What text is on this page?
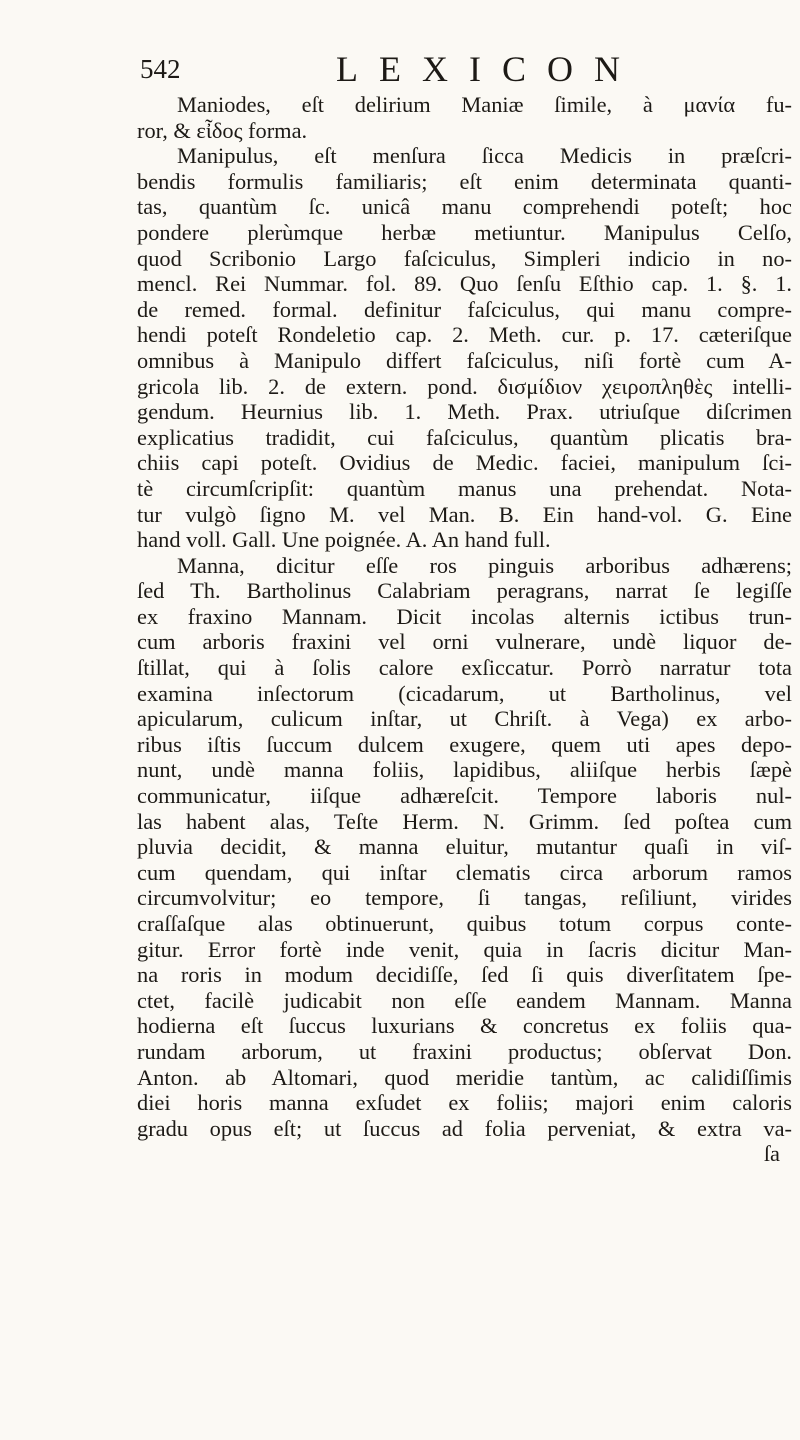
542	LEXICON
Maniodes, eſt delirium Maniæ ſimile, à μανία fu-
ror, & εἶδος forma.
Manipulus, eſt menſura ſicca Medicis in præſcri-
bendis formulis familiaris; eſt enim determinata quanti-
tas, quantùm ſc. unicâ manu comprehendi poteſt; hoc
pondere plerùmque herbæ metiuntur. Manipulus Celſo,
quod Scribonio Largo faſciculus, Simpleri indicio in no-
mencl. Rei Nummar. fol. 89. Quo ſenſu Eſthio cap. 1. §. 1.
de remed. formal. definitur faſciculus, qui manu compre-
hendi poteſt Rondeletio cap. 2. Meth. cur. p. 17. cæteriſque
omnibus à Manipulo differt faſciculus, niſi fortè cum A-
gricola lib. 2. de extern. pond. δισμίδιον χειροπληθὲς intelli-
gendum. Heurnius lib. 1. Meth. Prax. utriuſque diſcrimen
explicatius tradidit, cui faſciculus, quantùm plicatis bra-
chiis capi poteſt. Ovidius de Medic. faciei, manipulum ſci-
tè circumſcripſit: quantùm manus una prehendat. Nota-
tur vulgò ſigno M. vel Man. B. Ein hand-vol. G. Eine
hand voll. Gall. Une poignée. A. An hand full.
Manna, dicitur eſſe ros pinguis arboribus adhærens;
ſed Th. Bartholinus Calabriam peragrans, narrat ſe legiſſe
ex fraxino Mannam. Dicit incolas alternis ictibus trun-
cum arboris fraxini vel orni vulnerare, undè liquor de-
ſtillat, qui à ſolis calore exſiccatur. Porrò narratur tota
examina inſectorum (cicadarum, ut Bartholinus, vel
apicularum, culicum inſtar, ut Chriſt. à Vega) ex arbo-
ribus iſtis ſuccum dulcem exugere, quem uti apes depo-
nunt, undè manna foliis, lapidibus, aliiſque herbis ſæpè
communicatur, iiſque adhæreſcit. Tempore laboris nul-
las habent alas, Teſte Herm. N. Grimm. ſed poſtea cum
pluvia decidit, & manna eluitur, mutantur quaſi in viſ-
cum quendam, qui inſtar clematis circa arborum ramos
circumvolvitur; eo tempore, ſi tangas, reſiliunt, virides
craſſaſque alas obtinuerunt, quibus totum corpus conte-
gitur. Error fortè inde venit, quia in ſacris dicitur Man-
na roris in modum decidiſſe, ſed ſi quis diverſitatem ſpe-
ctet, facilè judicabit non eſſe eandem Mannam. Manna
hodierna eſt ſuccus luxurians & concretus ex foliis qua-
rundam arborum, ut fraxini productus; obſervat Don.
Anton. ab Altomari, quod meridie tantùm, ac calidiſſimis
diei horis manna exſudet ex foliis; majori enim caloris
gradu opus eſt; ut ſuccus ad folia perveniat, & extra va-
ſa
